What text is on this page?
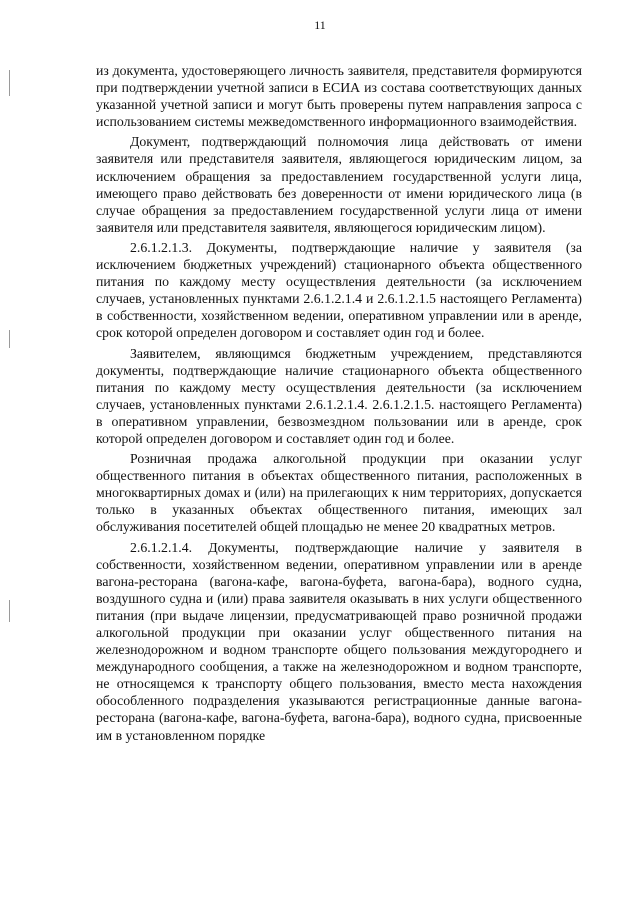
11

из документа, удостоверяющего личность заявителя, представителя формируются при подтверждении учетной записи в ЕСИА из состава соответствующих данных указанной учетной записи и могут быть проверены путем направления запроса с использованием системы межведомственного информационного взаимодействия.

Документ, подтверждающий полномочия лица действовать от имени заявителя или представителя заявителя, являющегося юридическим лицом, за исключением обращения за предоставлением государственной услуги лица, имеющего право действовать без доверенности от имени юридического лица (в случае обращения за предоставлением государственной услуги лица от имени заявителя или представителя заявителя, являющегося юридическим лицом).

2.6.1.2.1.3. Документы, подтверждающие наличие у заявителя (за исключением бюджетных учреждений) стационарного объекта общественного питания по каждому месту осуществления деятельности (за исключением случаев, установленных пунктами 2.6.1.2.1.4 и 2.6.1.2.1.5 настоящего Регламента) в собственности, хозяйственном ведении, оперативном управлении или в аренде, срок которой определен договором и составляет один год и более.

Заявителем, являющимся бюджетным учреждением, представляются документы, подтверждающие наличие стационарного объекта общественного питания по каждому месту осуществления деятельности (за исключением случаев, установленных пунктами 2.6.1.2.1.4. 2.6.1.2.1.5. настоящего Регламента) в оперативном управлении, безвозмездном пользовании или в аренде, срок которой определен договором и составляет один год и более.

Розничная продажа алкогольной продукции при оказании услуг общественного питания в объектах общественного питания, расположенных в многоквартирных домах и (или) на прилегающих к ним территориях, допускается только в указанных объектах общественного питания, имеющих зал обслуживания посетителей общей площадью не менее 20 квадратных метров.

2.6.1.2.1.4. Документы, подтверждающие наличие у заявителя в собственности, хозяйственном ведении, оперативном управлении или в аренде вагона-ресторана (вагона-кафе, вагона-буфета, вагона-бара), водного судна, воздушного судна и (или) права заявителя оказывать в них услуги общественного питания (при выдаче лицензии, предусматривающей право розничной продажи алкогольной продукции при оказании услуг общественного питания на железнодорожном и водном транспорте общего пользования междугороднего и международного сообщения, а также на железнодорожном и водном транспорте, не относящемся к транспорту общего пользования, вместо места нахождения обособленного подразделения указываются регистрационные данные вагона- ресторана (вагона-кафе, вагона-буфета, вагона-бара), водного судна, присвоенные им в установленном порядке
